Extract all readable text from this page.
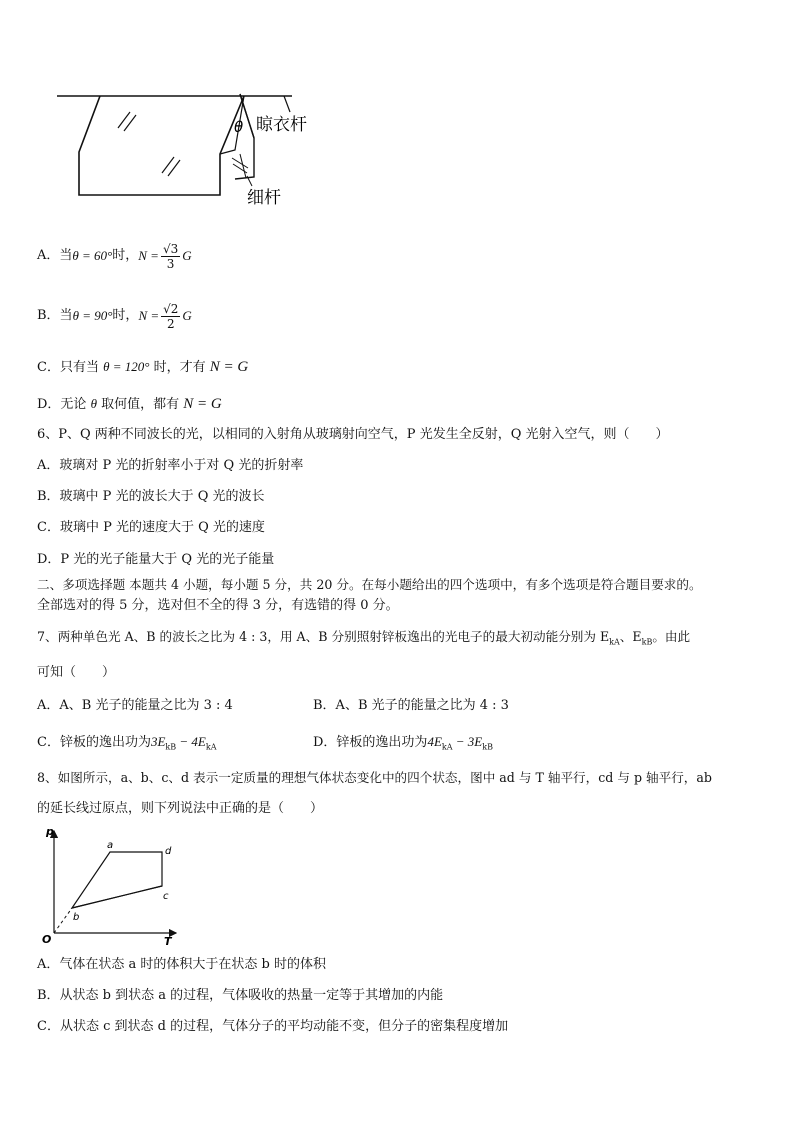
θ 晾衣杆
细杆
A．当 θ = 60° 时， $N = \frac{√3}{3}$ G
B．当 θ = 90° 时， $N = \frac{√2}{2}$ G
C．只有当 θ = 120° 时，才有 N = G
D．无论 θ 取何值，都有 N = G
6、P、Q 两种不同波长的光，以相同的入射角从玻璃射向空气，P 光发生全反射，Q 光射入空气，则（　　）
A．玻璃对 P 光的折射率小于对 Q 光的折射率
B．玻璃中 P 光的波长大于 Q 光的波长
C．玻璃中 P 光的速度大于 Q 光的速度
D．P 光的光子能量大于 Q 光的光子能量
二、多项选择题 本题共 4 小题，每小题 5 分，共 20 分。在每小题给出的四个选项中，有多个选项是符合题目要求的。
全部选对的得 5 分，选对但不全的得 3 分，有选错的得 0 分。
7、两种单色光 A、B 的波长之比为 4 : 3，用 A、B 分别照射锌板逸出的光电子的最大初动能分别为 $E_{kA}$、$E_{kB}$。由此
可知（　　）
A．A、B 光子的能量之比为 3 : 4	B．A、B 光子的能量之比为 4 : 3
C．锌板的逸出功为$3E_{kB} - 4E_{kA}$	D．锌板的逸出功为$4E_{kA} - 3E_{kB}$
8、如图所示，a、b、c、d 表示一定质量的理想气体状态变化中的四个状态，图中 ad 与 T 轴平行，cd 与 p 轴平行，ab
的延长线过原点，则下列说法中正确的是（　　）
p
T
O
a
b
c
d
A．气体在状态 a 时的体积大于在状态 b 时的体积
B．从状态 b 到状态 a 的过程，气体吸收的热量一定等于其增加的内能
C．从状态 c 到状态 d 的过程，气体分子的平均动能不变，但分子的密集程度增加
